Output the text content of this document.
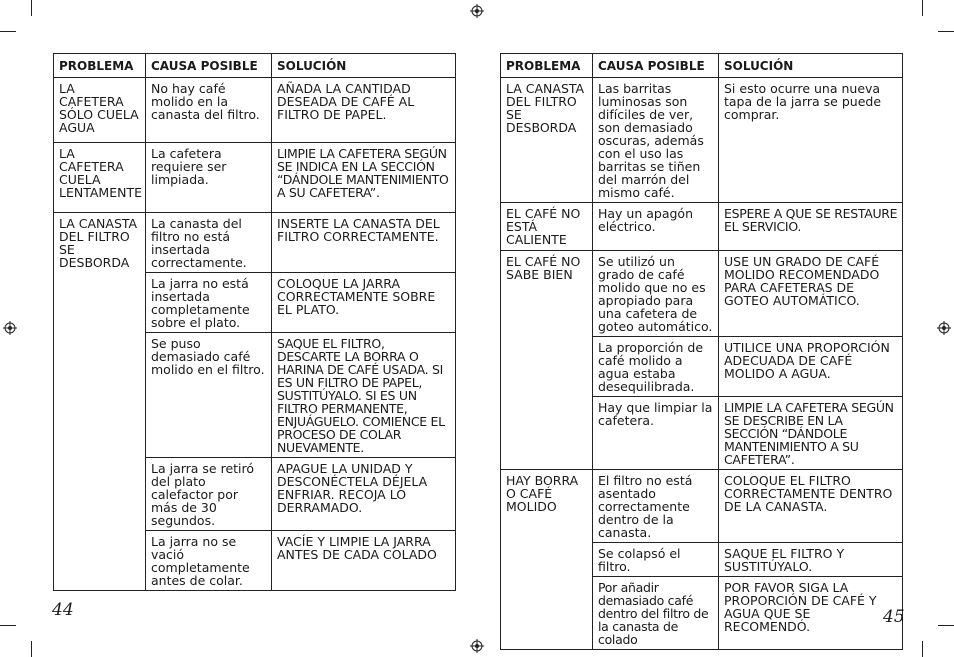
PROBLEMA	CAUSA POSIBLE	SOLUCIÓN
LA CAFETERA SÓLO CUELA AGUA	No hay café molido en la canasta del filtro.	AÑADA LA CANTIDAD DESEADA DE CAFÉ AL FILTRO DE PAPEL.
LA CAFETERA CUELA LENTAMENTE	La cafetera requiere ser limpiada.	LIMPIE LA CAFETERA SEGÚN SE INDICA EN LA SECCIÓN “DÁNDOLE MANTENIMIENTO A SU CAFETERA”.
LA CANASTA DEL FILTRO SE DESBORDA	La canasta del filtro no está insertada correctamente.	INSERTE LA CANASTA DEL FILTRO CORRECTAMENTE.
	La jarra no está insertada completamente sobre el plato.	COLOQUE LA JARRA CORRECTAMENTE SOBRE EL PLATO.
	Se puso demasiado café molido en el filtro.	SAQUE EL FILTRO, DESCARTE LA BORRA O HARINA DE CAFÉ USADA. SI ES UN FILTRO DE PAPEL, SUSTITÚYALO. SI ES UN FILTRO PERMANENTE, ENJUÁGUELO. COMIENCE EL PROCESO DE COLAR NUEVAMENTE.
	La jarra se retiró del plato calefactor por más de 30 segundos.	APAGUE LA UNIDAD Y DESCONÉCTELA DÉJELA ENFRIAR. RECOJA LO DERRAMADO.
	La jarra no se vació completamente antes de colar.	VACÍE Y LIMPIE LA JARRA ANTES DE CADA COLADO
44
PROBLEMA	CAUSA POSIBLE	SOLUCIÓN
LA CANASTA DEL FILTRO SE DESBORDA	Las barritas luminosas son difíciles de ver, son demasiado oscuras, además con el uso las barritas se tiñen del marrón del mismo café.	Si esto ocurre una nueva tapa de la jarra se puede comprar.
EL CAFÉ NO ESTÁ CALIENTE	Hay un apagón eléctrico.	ESPERE A QUE SE RESTAURE EL SERVICIO.
EL CAFÉ NO SABE BIEN	Se utilizó un grado de café molido que no es apropiado para una cafetera de goteo automático.	USE UN GRADO DE CAFÉ MOLIDO RECOMENDADO PARA CAFETERAS DE GOTEO AUTOMÁTICO.
	La proporción de café molido a agua estaba desequilibrada.	UTILICE UNA PROPORCIÓN ADECUADA DE CAFÉ MOLIDO A AGUA.
	Hay que limpiar la cafetera.	LIMPIE LA CAFETERA SEGÚN SE DESCRIBE EN LA SECCIÓN “DÁNDOLE MANTENIMIENTO A SU CAFETERA”.
HAY BORRA O CAFÉ MOLIDO	El filtro no está asentado correctamente dentro de la canasta.	COLOQUE EL FILTRO CORRECTAMENTE DENTRO DE LA CANASTA.
	Se colapsó el filtro.	SAQUE EL FILTRO Y SUSTITÚYALO.
	Por añadir demasiado café dentro del filtro de la canasta de colado	POR FAVOR SIGA LA PROPORCIÓN DE CAFÉ Y AGUA QUE SE RECOMENDÓ.	45
